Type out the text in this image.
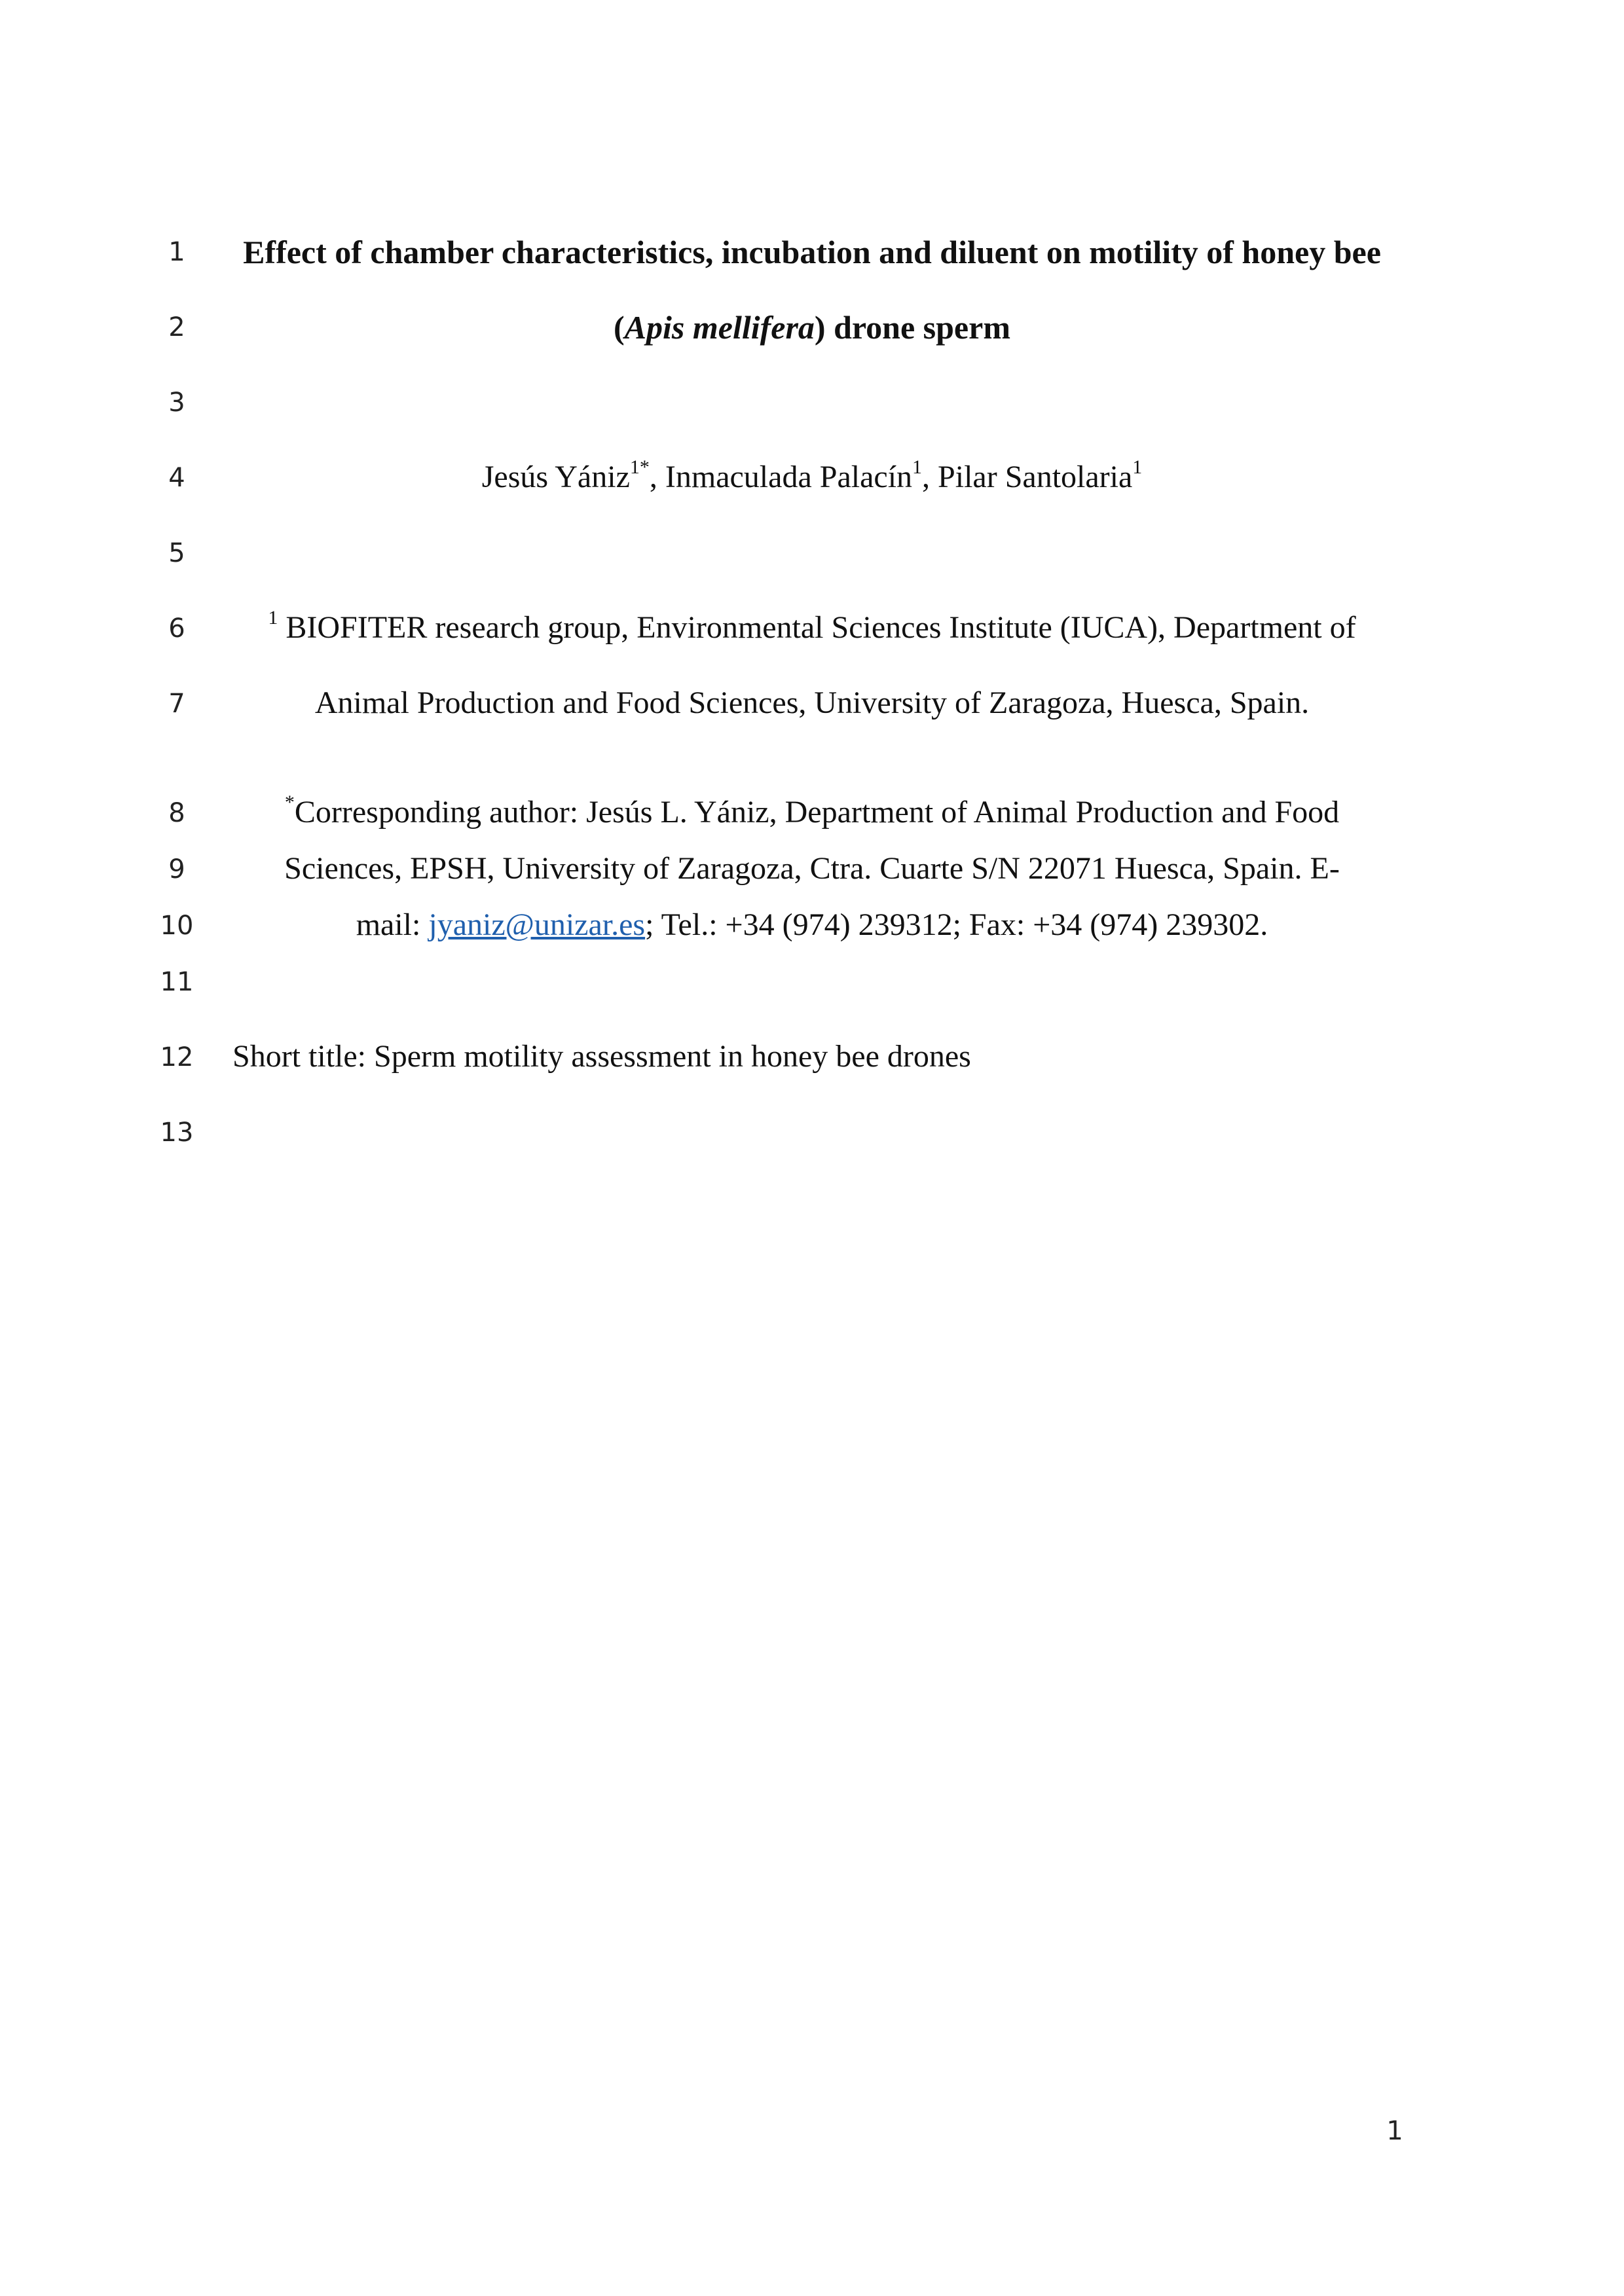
1
2
3
4
5
6
7
8
9
10
11
12
13
Effect of chamber characteristics, incubation and diluent on motility of honey bee
(Apis mellifera) drone sperm
Jesús Yániz$^{1*}$, Inmaculada Palacín$^1$, Pilar Santolaria$^1$
$^1$ BIOFITER research group, Environmental Sciences Institute (IUCA), Department of
Animal Production and Food Sciences, University of Zaragoza, Huesca, Spain.
*Corresponding author: Jesús L. Yániz, Department of Animal Production and Food
Sciences, EPSH, University of Zaragoza, Ctra. Cuarte S/N 22071 Huesca, Spain. E-
mail: jyaniz@unizar.es; Tel.: +34 (974) 239312; Fax: +34 (974) 239302.
Short title: Sperm motility assessment in honey bee drones
1
